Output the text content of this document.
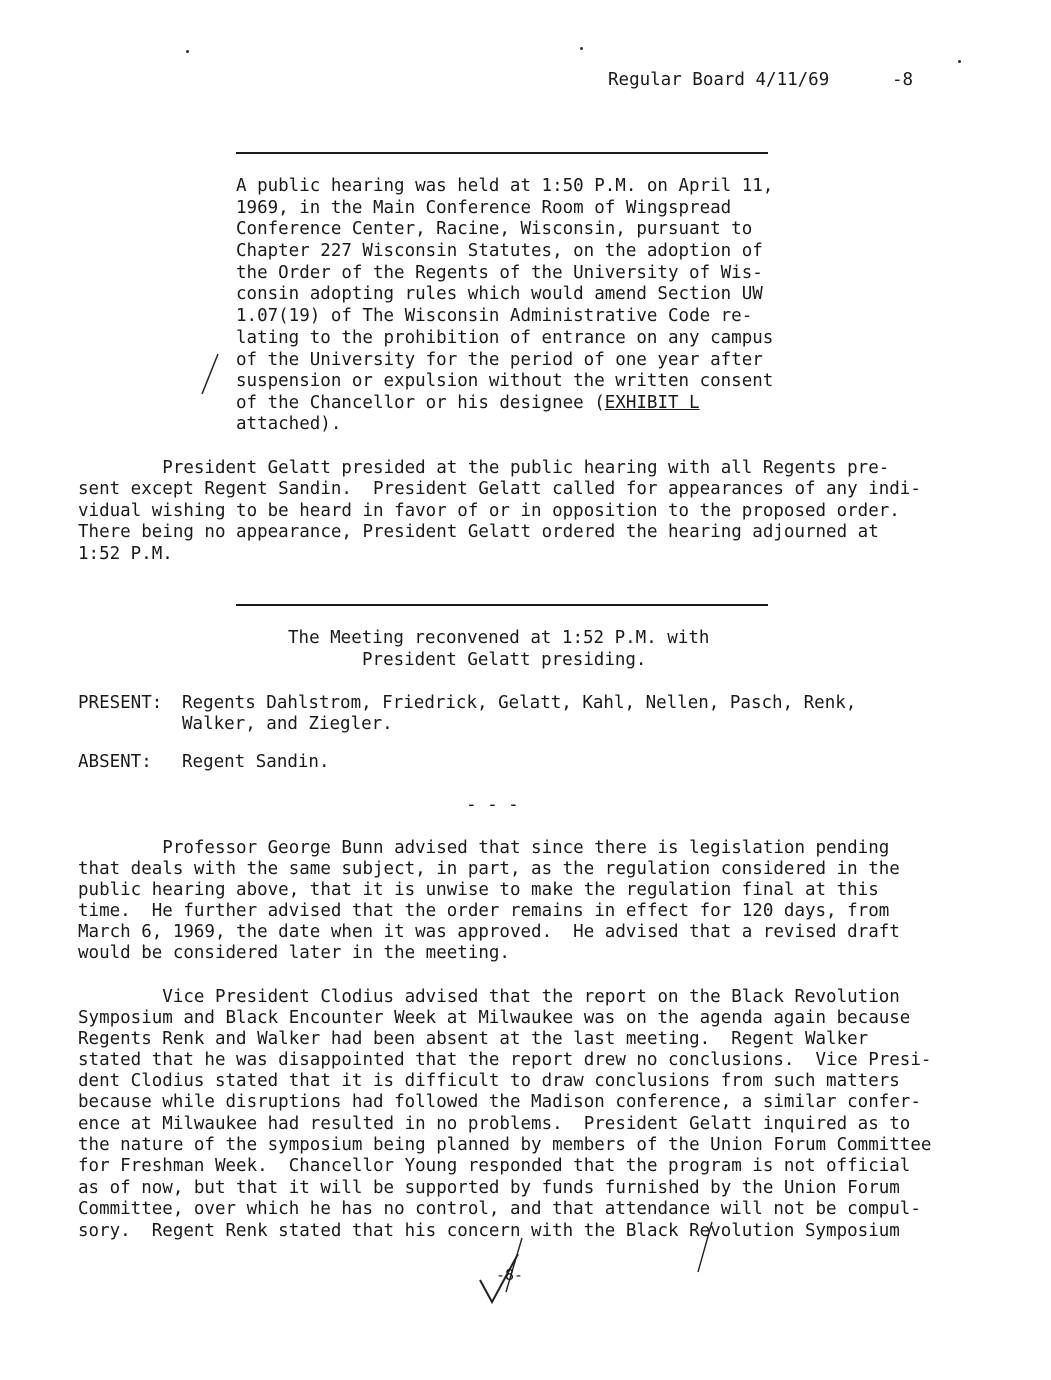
Regular Board 4/11/69	-8
A public hearing was held at 1:50 P.M. on April 11,
1969, in the Main Conference Room of Wingspread
Conference Center, Racine, Wisconsin, pursuant to
Chapter 227 Wisconsin Statutes, on the adoption of
the Order of the Regents of the University of Wis-
consin adopting rules which would amend Section UW
1.07(19) of The Wisconsin Administrative Code re-
lating to the prohibition of entrance on any campus
of the University for the period of one year after
suspension or expulsion without the written consent
of the Chancellor or his designee (EXHIBIT L
attached).
President Gelatt presided at the public hearing with all Regents pre-
sent except Regent Sandin.  President Gelatt called for appearances of any indi-
vidual wishing to be heard in favor of or in opposition to the proposed order.
There being no appearance, President Gelatt ordered the hearing adjourned at
1:52 P.M.
The Meeting reconvened at 1:52 P.M. with
President Gelatt presiding.
PRESENT: Regents Dahlstrom, Friedrick, Gelatt, Kahl, Nellen, Pasch, Renk,
Walker, and Ziegler.
ABSENT: Regent Sandin.
- - -
Professor George Bunn advised that since there is legislation pending
that deals with the same subject, in part, as the regulation considered in the
public hearing above, that it is unwise to make the regulation final at this
time.  He further advised that the order remains in effect for 120 days, from
March 6, 1969, the date when it was approved.  He advised that a revised draft
would be considered later in the meeting.
Vice President Clodius advised that the report on the Black Revolution
Symposium and Black Encounter Week at Milwaukee was on the agenda again because
Regents Renk and Walker had been absent at the last meeting.  Regent Walker
stated that he was disappointed that the report drew no conclusions.  Vice Presi-
dent Clodius stated that it is difficult to draw conclusions from such matters
because while disruptions had followed the Madison conference, a similar confer-
ence at Milwaukee had resulted in no problems.  President Gelatt inquired as to
the nature of the symposium being planned by members of the Union Forum Committee
for Freshman Week.  Chancellor Young responded that the program is not official
as of now, but that it will be supported by funds furnished by the Union Forum
Committee, over which he has no control, and that attendance will not be compul-
sory.  Regent Renk stated that his concern with the Black Revolution Symposium
-8-
